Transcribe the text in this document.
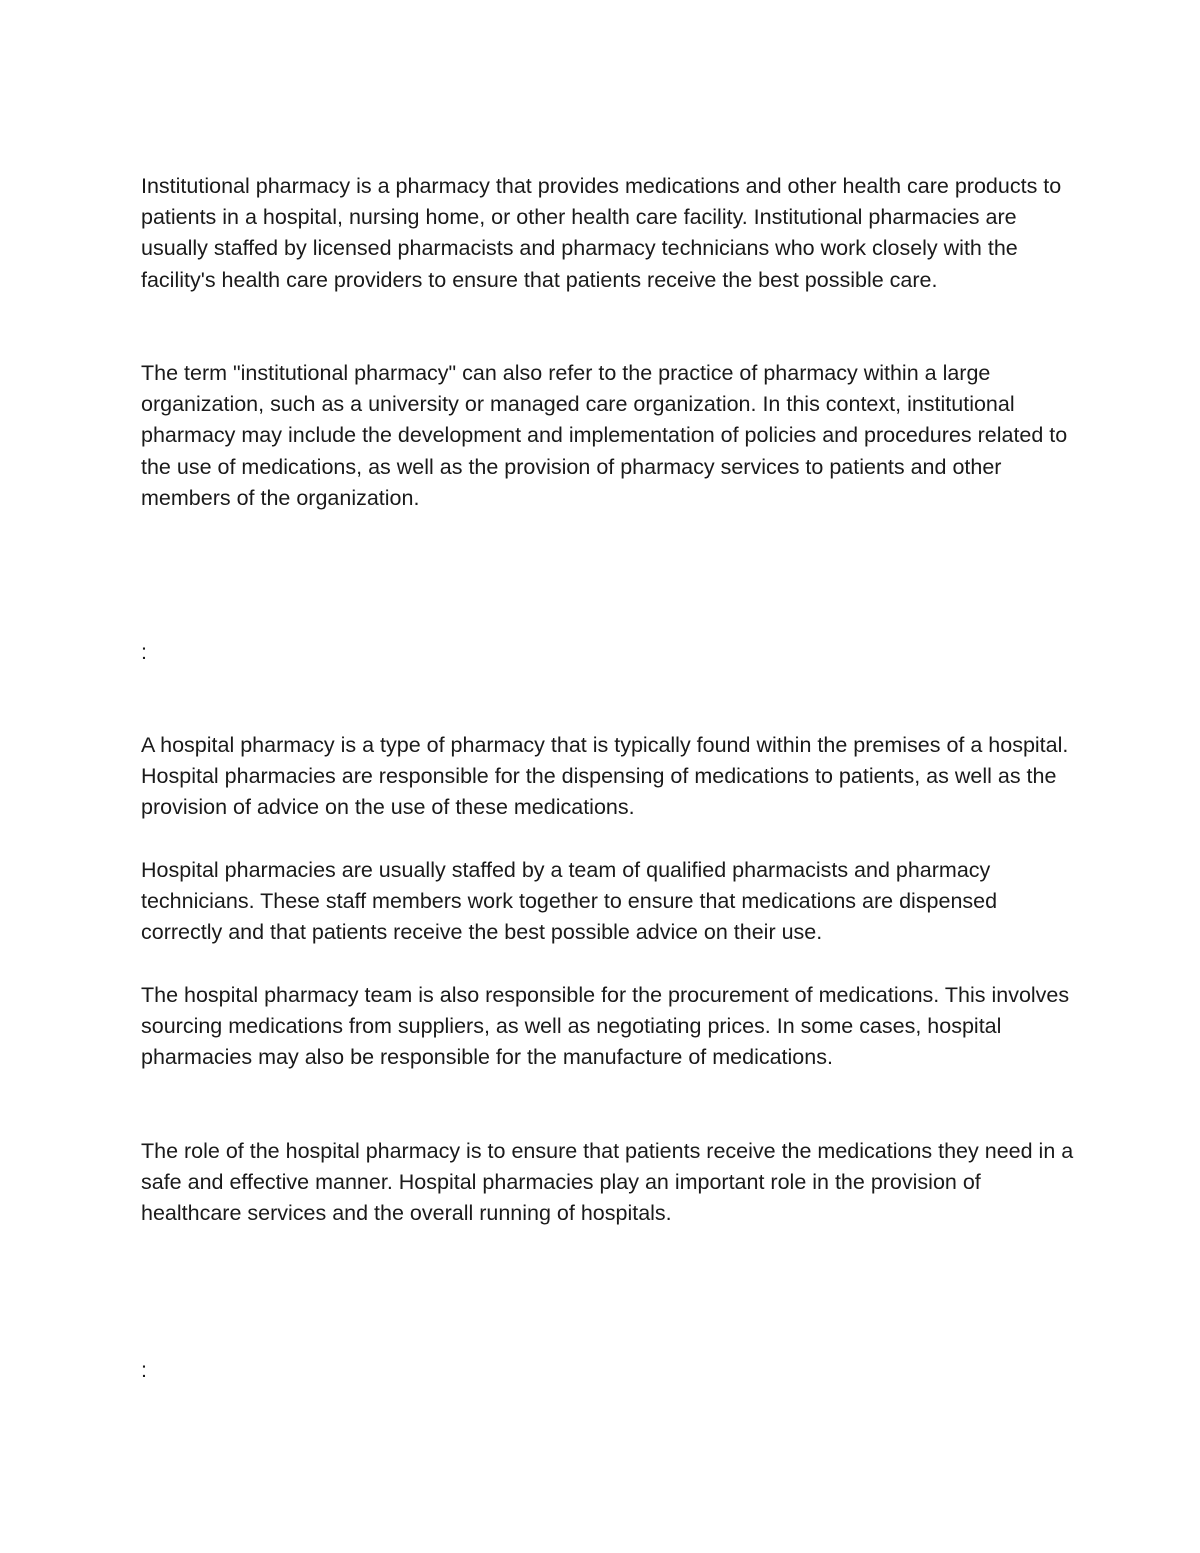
Institutional pharmacy is a pharmacy that provides medications and other health care products to patients in a hospital, nursing home, or other health care facility. Institutional pharmacies are usually staffed by licensed pharmacists and pharmacy technicians who work closely with the facility's health care providers to ensure that patients receive the best possible care.

The term "institutional pharmacy" can also refer to the practice of pharmacy within a large organization, such as a university or managed care organization. In this context, institutional pharmacy may include the development and implementation of policies and procedures related to the use of medications, as well as the provision of pharmacy services to patients and other members of the organization.

:

A hospital pharmacy is a type of pharmacy that is typically found within the premises of a hospital. Hospital pharmacies are responsible for the dispensing of medications to patients, as well as the provision of advice on the use of these medications.

Hospital pharmacies are usually staffed by a team of qualified pharmacists and pharmacy technicians. These staff members work together to ensure that medications are dispensed correctly and that patients receive the best possible advice on their use.

The hospital pharmacy team is also responsible for the procurement of medications. This involves sourcing medications from suppliers, as well as negotiating prices. In some cases, hospital pharmacies may also be responsible for the manufacture of medications.

The role of the hospital pharmacy is to ensure that patients receive the medications they need in a safe and effective manner. Hospital pharmacies play an important role in the provision of healthcare services and the overall running of hospitals.

:
